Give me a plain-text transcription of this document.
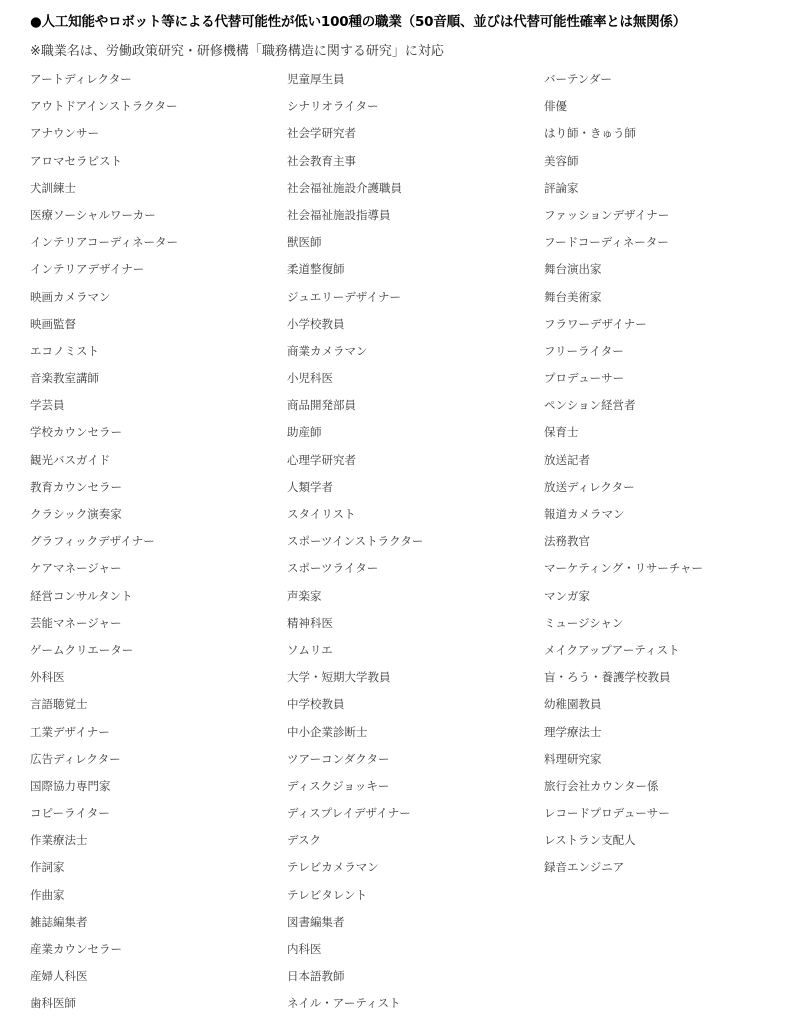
●人工知能やロボット等による代替可能性が低い100種の職業（50音順、並びは代替可能性確率とは無関係）
※職業名は、労働政策研究・研修機構「職務構造に関する研究」に対応
アートディレクター
アウトドアインストラクター
アナウンサー
アロマセラピスト
犬訓練士
医療ソーシャルワーカー
インテリアコーディネーター
インテリアデザイナー
映画カメラマン
映画監督
エコノミスト
音楽教室講師
学芸員
学校カウンセラー
観光バスガイド
教育カウンセラー
クラシック演奏家
グラフィックデザイナー
ケアマネージャー
経営コンサルタント
芸能マネージャー
ゲームクリエーター
外科医
言語聴覚士
工業デザイナー
広告ディレクター
国際協力専門家
コピーライター
作業療法士
作詞家
作曲家
雑誌編集者
産業カウンセラー
産婦人科医
歯科医師
児童厚生員
シナリオライター
社会学研究者
社会教育主事
社会福祉施設介護職員
社会福祉施設指導員
獣医師
柔道整復師
ジュエリーデザイナー
小学校教員
商業カメラマン
小児科医
商品開発部員
助産師
心理学研究者
人類学者
スタイリスト
スポーツインストラクター
スポーツライター
声楽家
精神科医
ソムリエ
大学・短期大学教員
中学校教員
中小企業診断士
ツアーコンダクター
ディスクジョッキー
ディスプレイデザイナー
デスク
テレビカメラマン
テレビタレント
図書編集者
内科医
日本語教師
ネイル・アーティスト
バーテンダー
俳優
はり師・きゅう師
美容師
評論家
ファッションデザイナー
フードコーディネーター
舞台演出家
舞台美術家
フラワーデザイナー
フリーライター
プロデューサー
ペンション経営者
保育士
放送記者
放送ディレクター
報道カメラマン
法務教官
マーケティング・リサーチャー
マンガ家
ミュージシャン
メイクアップアーティスト
盲・ろう・養護学校教員
幼稚園教員
理学療法士
料理研究家
旅行会社カウンター係
レコードプロデューサー
レストラン支配人
録音エンジニア
